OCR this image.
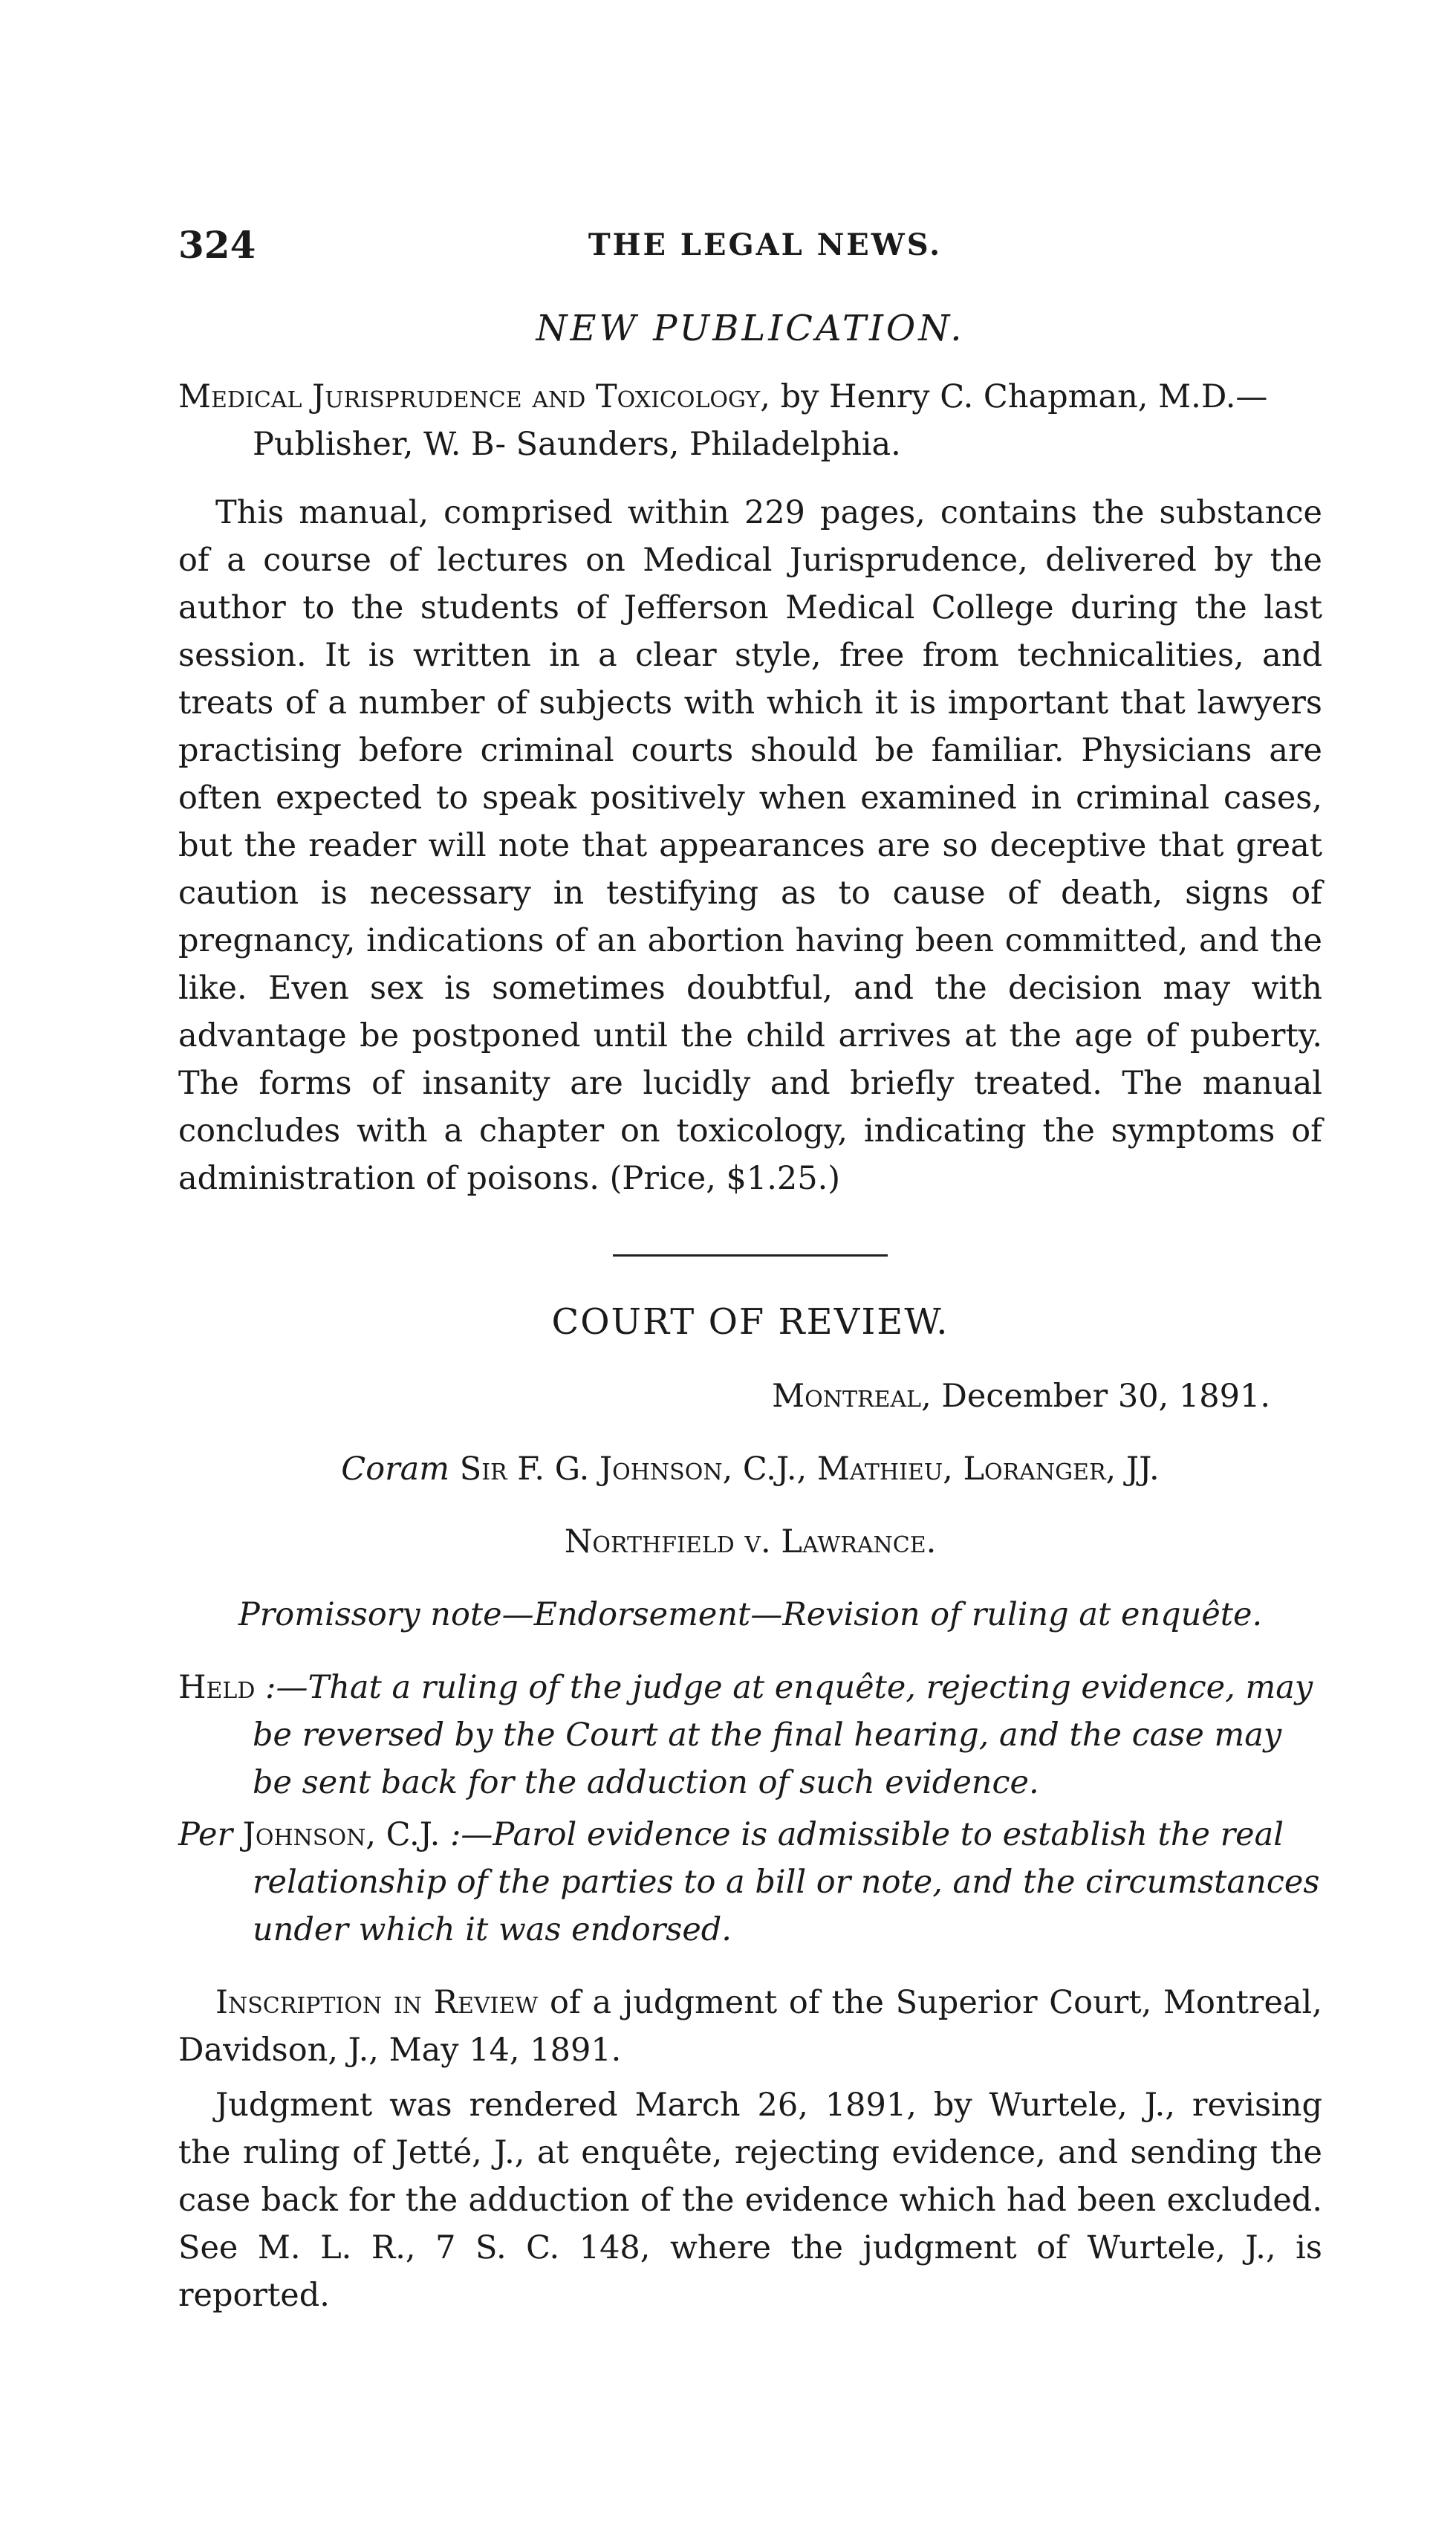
324	THE LEGAL NEWS.
NEW PUBLICATION.

Medical Jurisprudence and Toxicology, by Henry C. Chapman, M.D.—Publisher, W. B- Saunders, Philadelphia.

This manual, comprised within 229 pages, contains the substance of a course of lectures on Medical Jurisprudence, delivered by the author to the students of Jefferson Medical College during the last session. It is written in a clear style, free from technicalities, and treats of a number of subjects with which it is important that lawyers practising before criminal courts should be familiar. Physicians are often expected to speak positively when examined in criminal cases, but the reader will note that appearances are so deceptive that great caution is necessary in testifying as to cause of death, signs of pregnancy, indications of an abortion having been committed, and the like. Even sex is sometimes doubtful, and the decision may with advantage be postponed until the child arrives at the age of puberty. The forms of insanity are lucidly and briefly treated. The manual concludes with a chapter on toxicology, indicating the symptoms of administration of poisons. (Price, $1.25.)

COURT OF REVIEW.
Montreal, December 30, 1891.
Coram Sir F. G. Johnson, C.J., Mathieu, Loranger, JJ.
Northfield v. Lawrance.
Promissory note—Endorsement—Revision of ruling at enquête.

Held :—That a ruling of the judge at enquête, rejecting evidence, may be reversed by the Court at the final hearing, and the case may be sent back for the adduction of such evidence.

Per Johnson, C.J. :—Parol evidence is admissible to establish the real relationship of the parties to a bill or note, and the circumstances under which it was endorsed.

Inscription in Review of a judgment of the Superior Court, Montreal, Davidson, J., May 14, 1891.

Judgment was rendered March 26, 1891, by Wurtele, J., revising the ruling of Jetté, J., at enquête, rejecting evidence, and sending the case back for the adduction of the evidence which had been excluded. See M. L. R., 7 S. C. 148, where the judgment of Wurtele, J., is reported.
